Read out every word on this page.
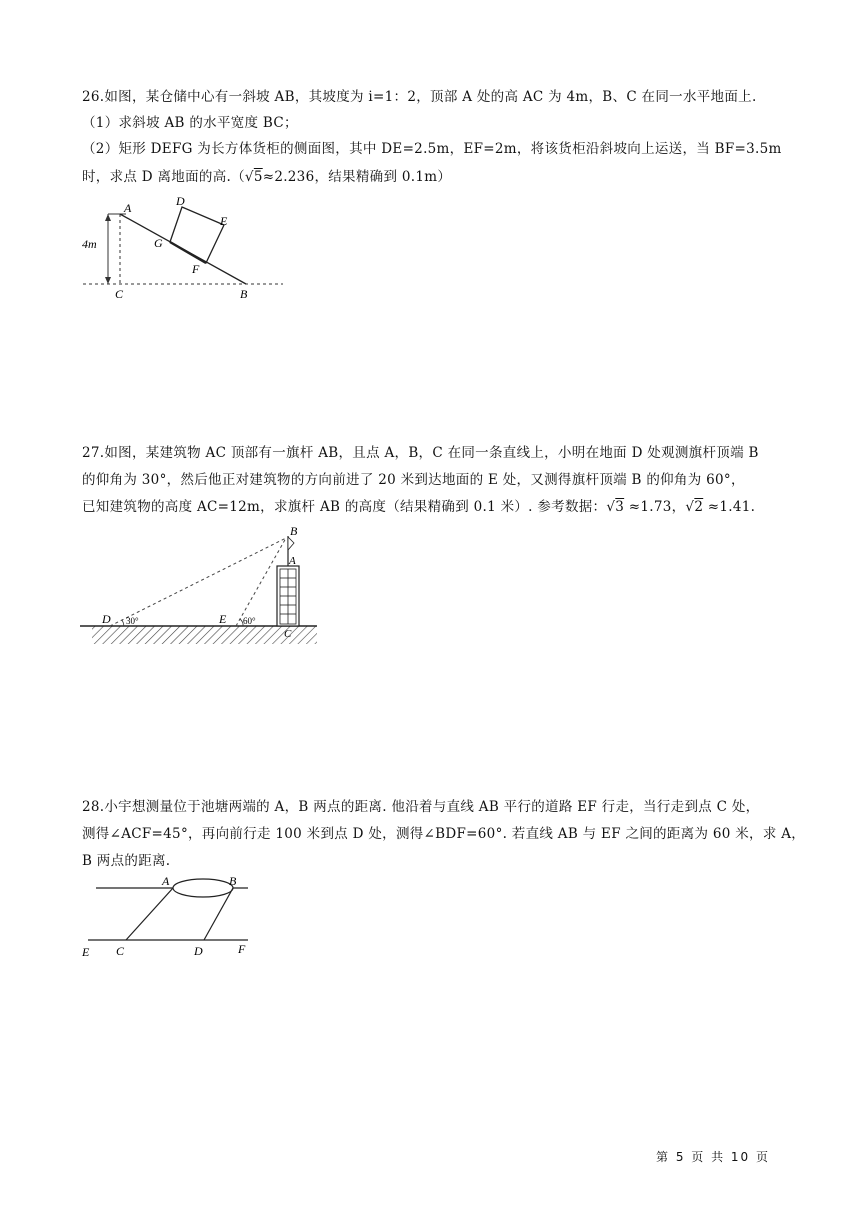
26.如图，某仓储中心有一斜坡 AB，其坡度为 i=1：2，顶部 A 处的高 AC 为 4m，B、C 在同一水平地面上.
（1）求斜坡 AB 的水平宽度 BC；
（2）矩形 DEFG 为长方体货柜的侧面图，其中 DE=2.5m，EF=2m，将该货柜沿斜坡向上运送，当 BF=3.5m
时，求点 D 离地面的高.（√5≈2.236，结果精确到 0.1m）
A
B
C
D
E
F
G
4m
27.如图，某建筑物 AC 顶部有一旗杆 AB，且点 A，B，C 在同一条直线上，小明在地面 D 处观测旗杆顶端 B
的仰角为 30°，然后他正对建筑物的方向前进了 20 米到达地面的 E 处，又测得旗杆顶端 B 的仰角为 60°，
已知建筑物的高度 AC=12m，求旗杆 AB 的高度（结果精确到 0.1 米）. 参考数据：√3 ≈1.73，√2 ≈1.41.
B
A
C
D	E
30°	60°
28.小宇想测量位于池塘两端的 A，B 两点的距离. 他沿着与直线 AB 平行的道路 EF 行走，当行走到点 C 处，
测得∠ACF=45°，再向前行走 100 米到点 D 处，测得∠BDF=60°. 若直线 AB 与 EF 之间的距离为 60 米，求 A，
B 两点的距离.
A	B
C	D
E	F
第 5 页 共 10 页
